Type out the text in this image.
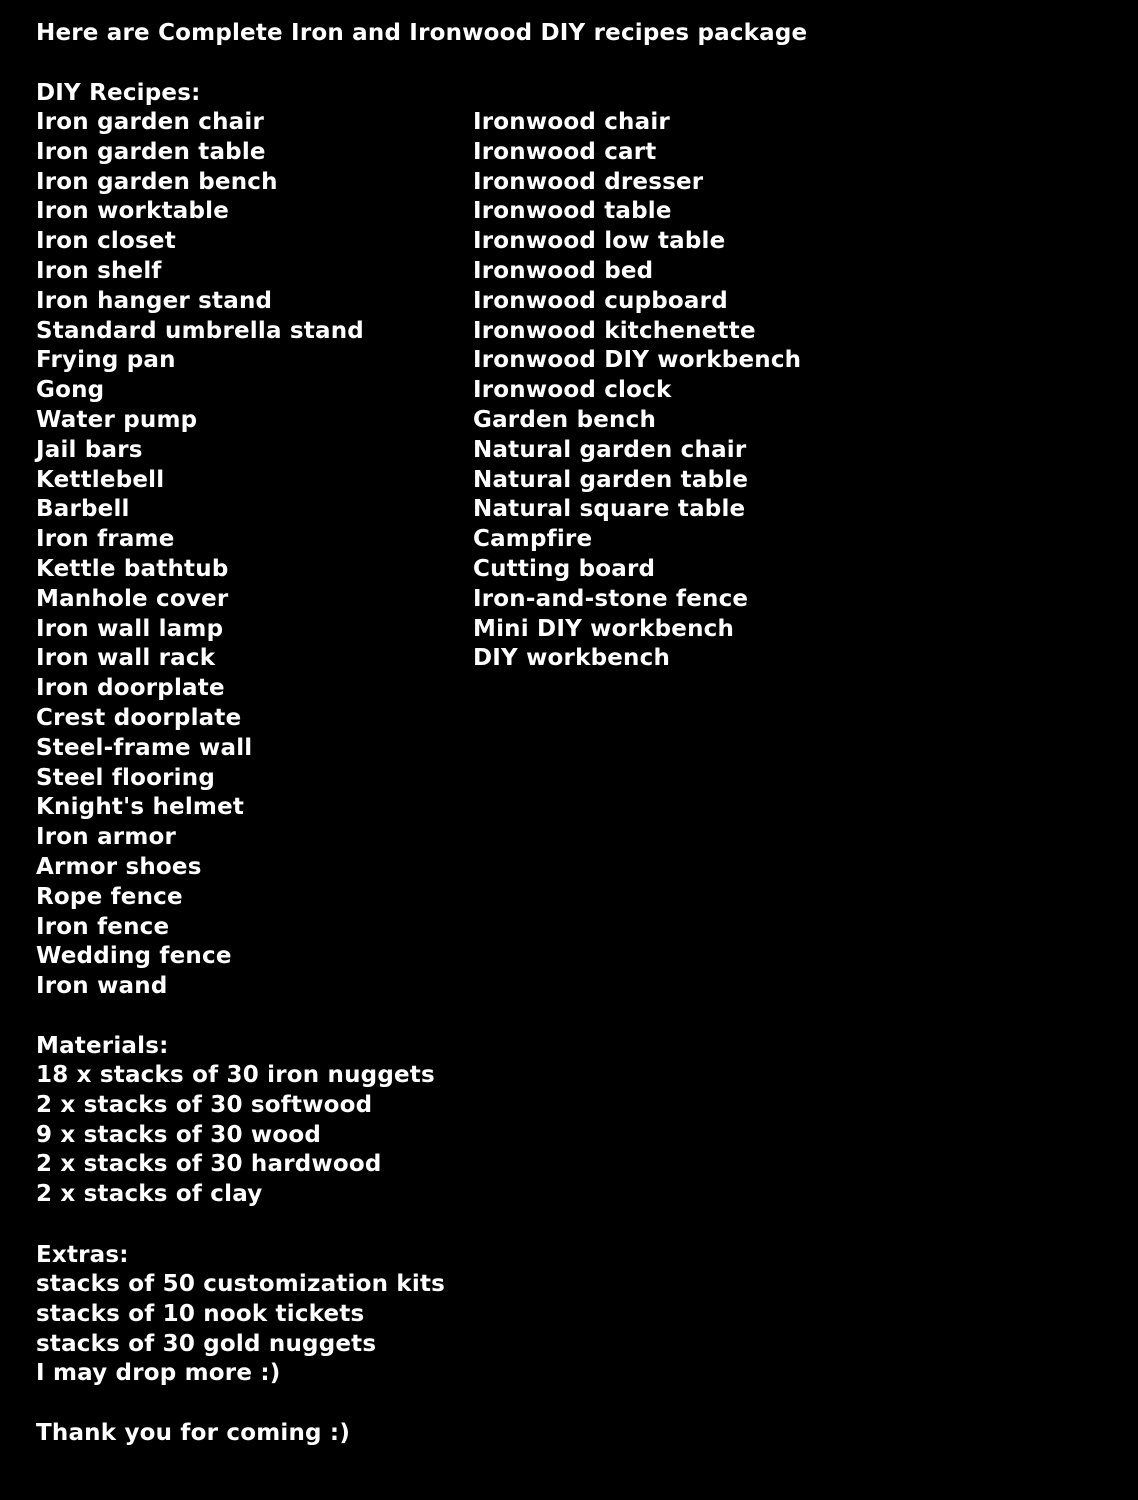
Here are Complete Iron and Ironwood DIY recipes package
DIY Recipes:
Iron garden chair
Iron garden table
Iron garden bench
Iron worktable
Iron closet
Iron shelf
Iron hanger stand
Standard umbrella stand
Frying pan
Gong
Water pump
Jail bars
Kettlebell
Barbell
Iron frame
Kettle bathtub
Manhole cover
Iron wall lamp
Iron wall rack
Iron doorplate
Crest doorplate
Steel-frame wall
Steel flooring
Knight's helmet
Iron armor
Armor shoes
Rope fence
Iron fence
Wedding fence
Iron wand
Ironwood chair
Ironwood cart
Ironwood dresser
Ironwood table
Ironwood low table
Ironwood bed
Ironwood cupboard
Ironwood kitchenette
Ironwood DIY workbench
Ironwood clock
Garden bench
Natural garden chair
Natural garden table
Natural square table
Campfire
Cutting board
Iron-and-stone fence
Mini DIY workbench
DIY workbench
Materials:
18 x stacks of 30 iron nuggets
2 x stacks of 30 softwood
9 x stacks of 30 wood
2 x stacks of 30 hardwood
2 x stacks of clay
Extras:
stacks of 50 customization kits
stacks of 10 nook tickets
stacks of 30 gold nuggets
I may drop more :)
Thank you for coming :)
